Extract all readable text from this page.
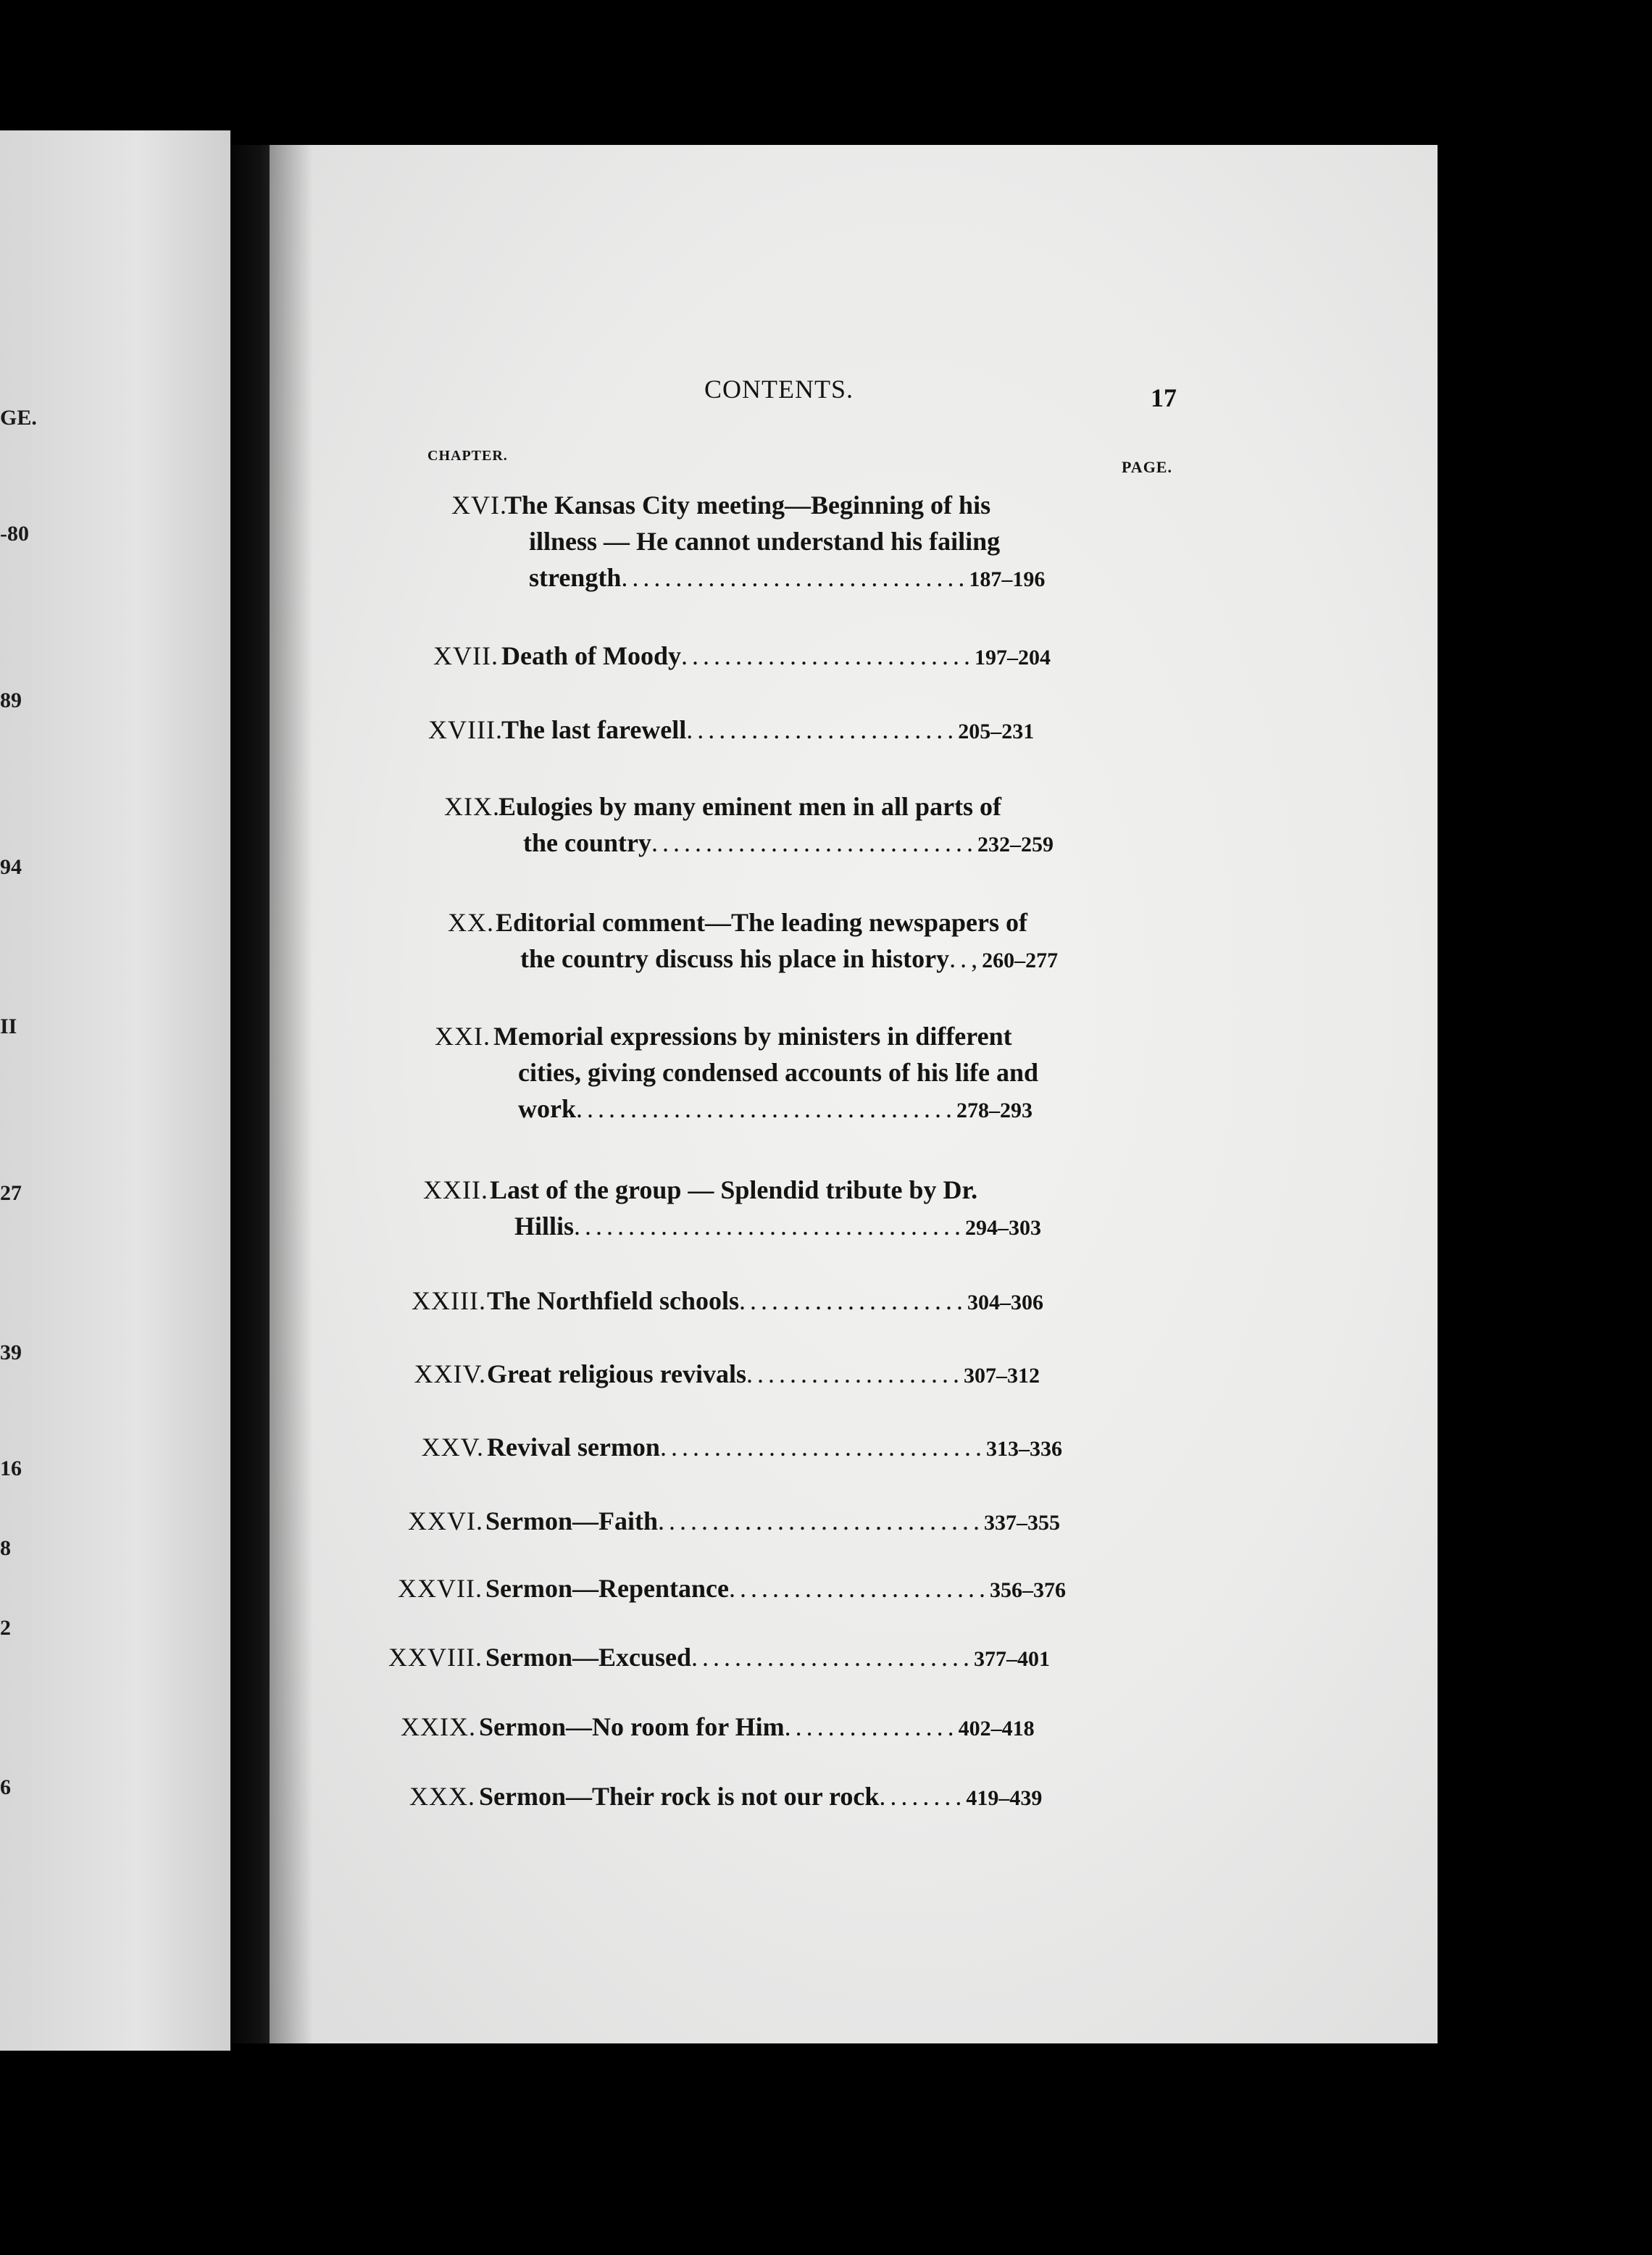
GE.
-80
89
94
II
27
39
16
8
2
6
CONTENTS.	17
CHAPTER.
PAGE.
XVI.
The Kansas City meeting—Beginning of his
illness — He cannot understand his failing
strength................................187–196
XVII. Death of Moody...........................197–204
XVIII.
The last farewell.........................205–231
XIX.
Eulogies by many eminent men in all parts of
the country..............................232–259
XX. Editorial comment—The leading newspapers of
the country discuss his place in history..,260–277
XXI. Memorial expressions by ministers in different
cities, giving condensed accounts of his life and
work...................................278–293
XXII. Last of the group — Splendid tribute by Dr.
Hillis....................................294–303
XXIII. The Northfield schools.....................304–306
XXIV. Great religious revivals....................307–312
XXV. Revival sermon..............................313–336
XXVI. Sermon—Faith..............................337–355
XXVII. Sermon—Repentance........................356–376
XXVIII. Sermon—Excused..........................377–401
XXIX. Sermon—No room for Him................402–418
XXX. Sermon—Their rock is not our rock........419–439
